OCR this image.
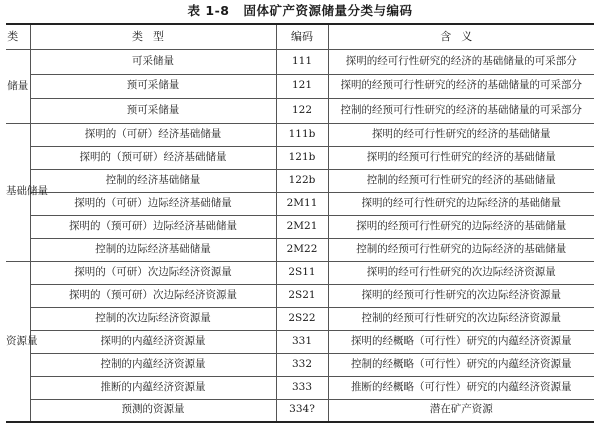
表 1-8 固体矿产资源储量分类与编码
类	类型	编码	含义
储量	可采储量	111	探明的经可行性研究的经济的基础储量的可采部分
	预可采储量	121	探明的经预可行性研究的经济的基础储量的可采部分
	预可采储量	122	控制的经预可行性研究的经济的基础储量的可采部分
基础储量	探明的（可研）经济基础储量	111b	探明的经可行性研究的经济的基础储量
	探明的（预可研）经济基础储量	121b	探明的经预可行性研究的经济的基础储量
	控制的经济基础储量	122b	控制的经预可行性研究的经济的基础储量
	探明的（可研）边际经济基础储量	2M11	探明的经可行性研究的边际经济的基础储量
	探明的（预可研）边际经济基础储量	2M21	探明的经预可行性研究的边际经济的基础储量
	控制的边际经济基础储量	2M22	控制的经预可行性研究的边际经济的基础储量
资源量	探明的（可研）次边际经济资源量	2S11	探明的经可行性研究的次边际经济资源量
	探明的（预可研）次边际经济资源量	2S21	探明的经预可行性研究的次边际经济资源量
	控制的次边际经济资源量	2S22	控制的经预可行性研究的次边际经济资源量
	探明的内蕴经济资源量	331	探明的经概略（可行性）研究的内蕴经济资源量
	控制的内蕴经济资源量	332	控制的经概略（可行性）研究的内蕴经济资源量
	推断的内蕴经济资源量	333	推断的经概略（可行性）研究的内蕴经济资源量
	预测的资源量	334?	潜在矿产资源
